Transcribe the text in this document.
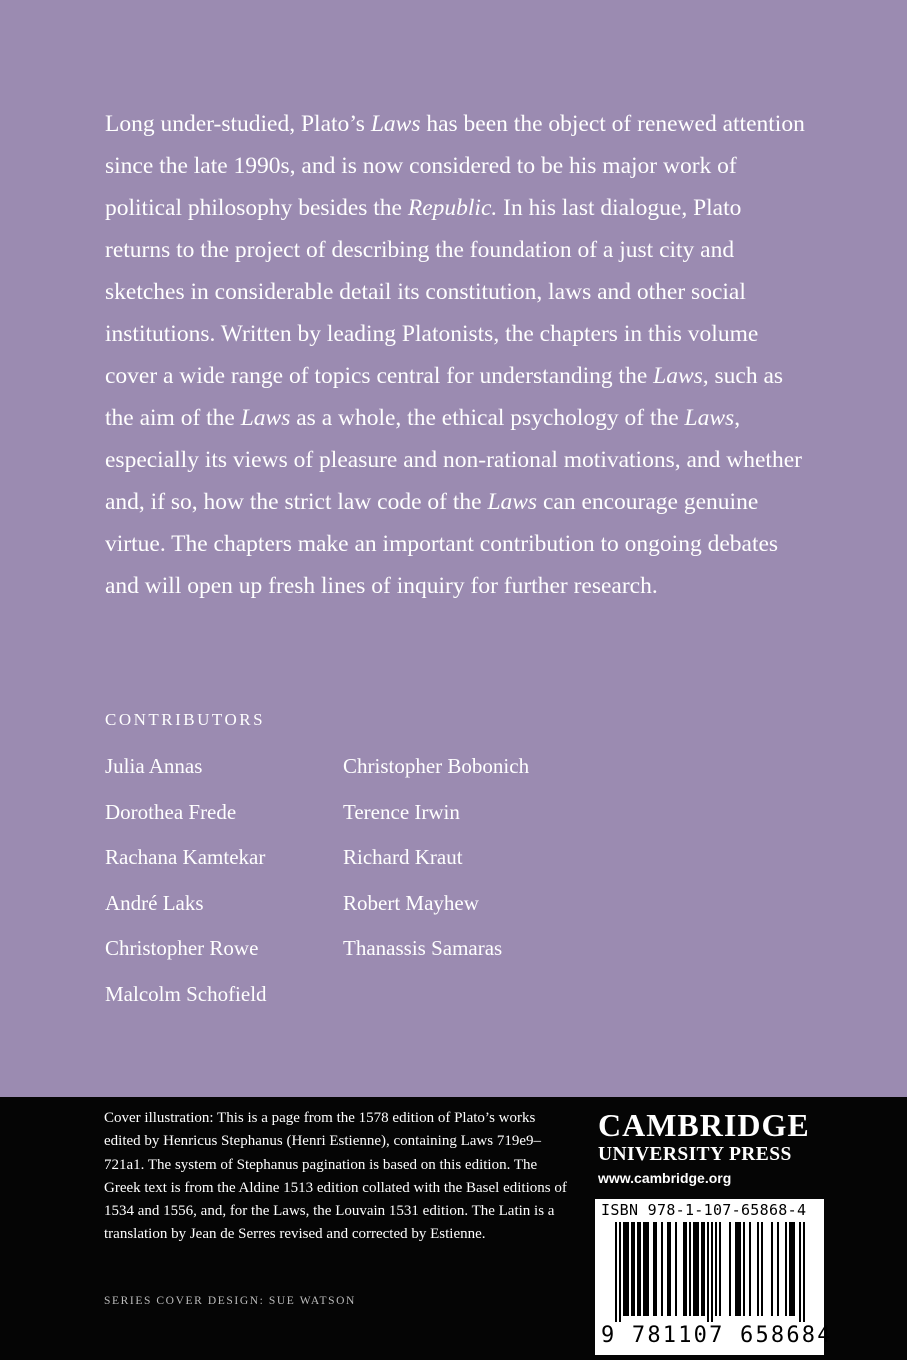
Long under-studied, Plato’s Laws has been the object of renewed attention since the late 1990s, and is now considered to be his major work of political philosophy besides the Republic. In his last dialogue, Plato returns to the project of describing the foundation of a just city and sketches in considerable detail its constitution, laws and other social institutions. Written by leading Platonists, the chapters in this volume cover a wide range of topics central for understanding the Laws, such as the aim of the Laws as a whole, the ethical psychology of the Laws, especially its views of pleasure and non-rational motivations, and whether and, if so, how the strict law code of the Laws can encourage genuine virtue. The chapters make an important contribution to ongoing debates and will open up fresh lines of inquiry for further research.

CONTRIBUTORS
Julia Annas
Dorothea Frede
Rachana Kamtekar
André Laks
Christopher Rowe
Malcolm Schofield
Christopher Bobonich
Terence Irwin
Richard Kraut
Robert Mayhew
Thanassis Samaras
Cover illustration: This is a page from the 1578 edition of Plato’s works edited by Henricus Stephanus (Henri Estienne), containing Laws 719e9–721a1. The system of Stephanus pagination is based on this edition. The Greek text is from the Aldine 1513 edition collated with the Basel editions of 1534 and 1556, and, for the Laws, the Louvain 1531 edition. The Latin is a translation by Jean de Serres revised and corrected by Estienne.
SERIES COVER DESIGN: SUE WATSON
CAMBRIDGE
UNIVERSITY PRESS
www.cambridge.org
ISBN 978-1-107-65868-4
9 781107 658684
